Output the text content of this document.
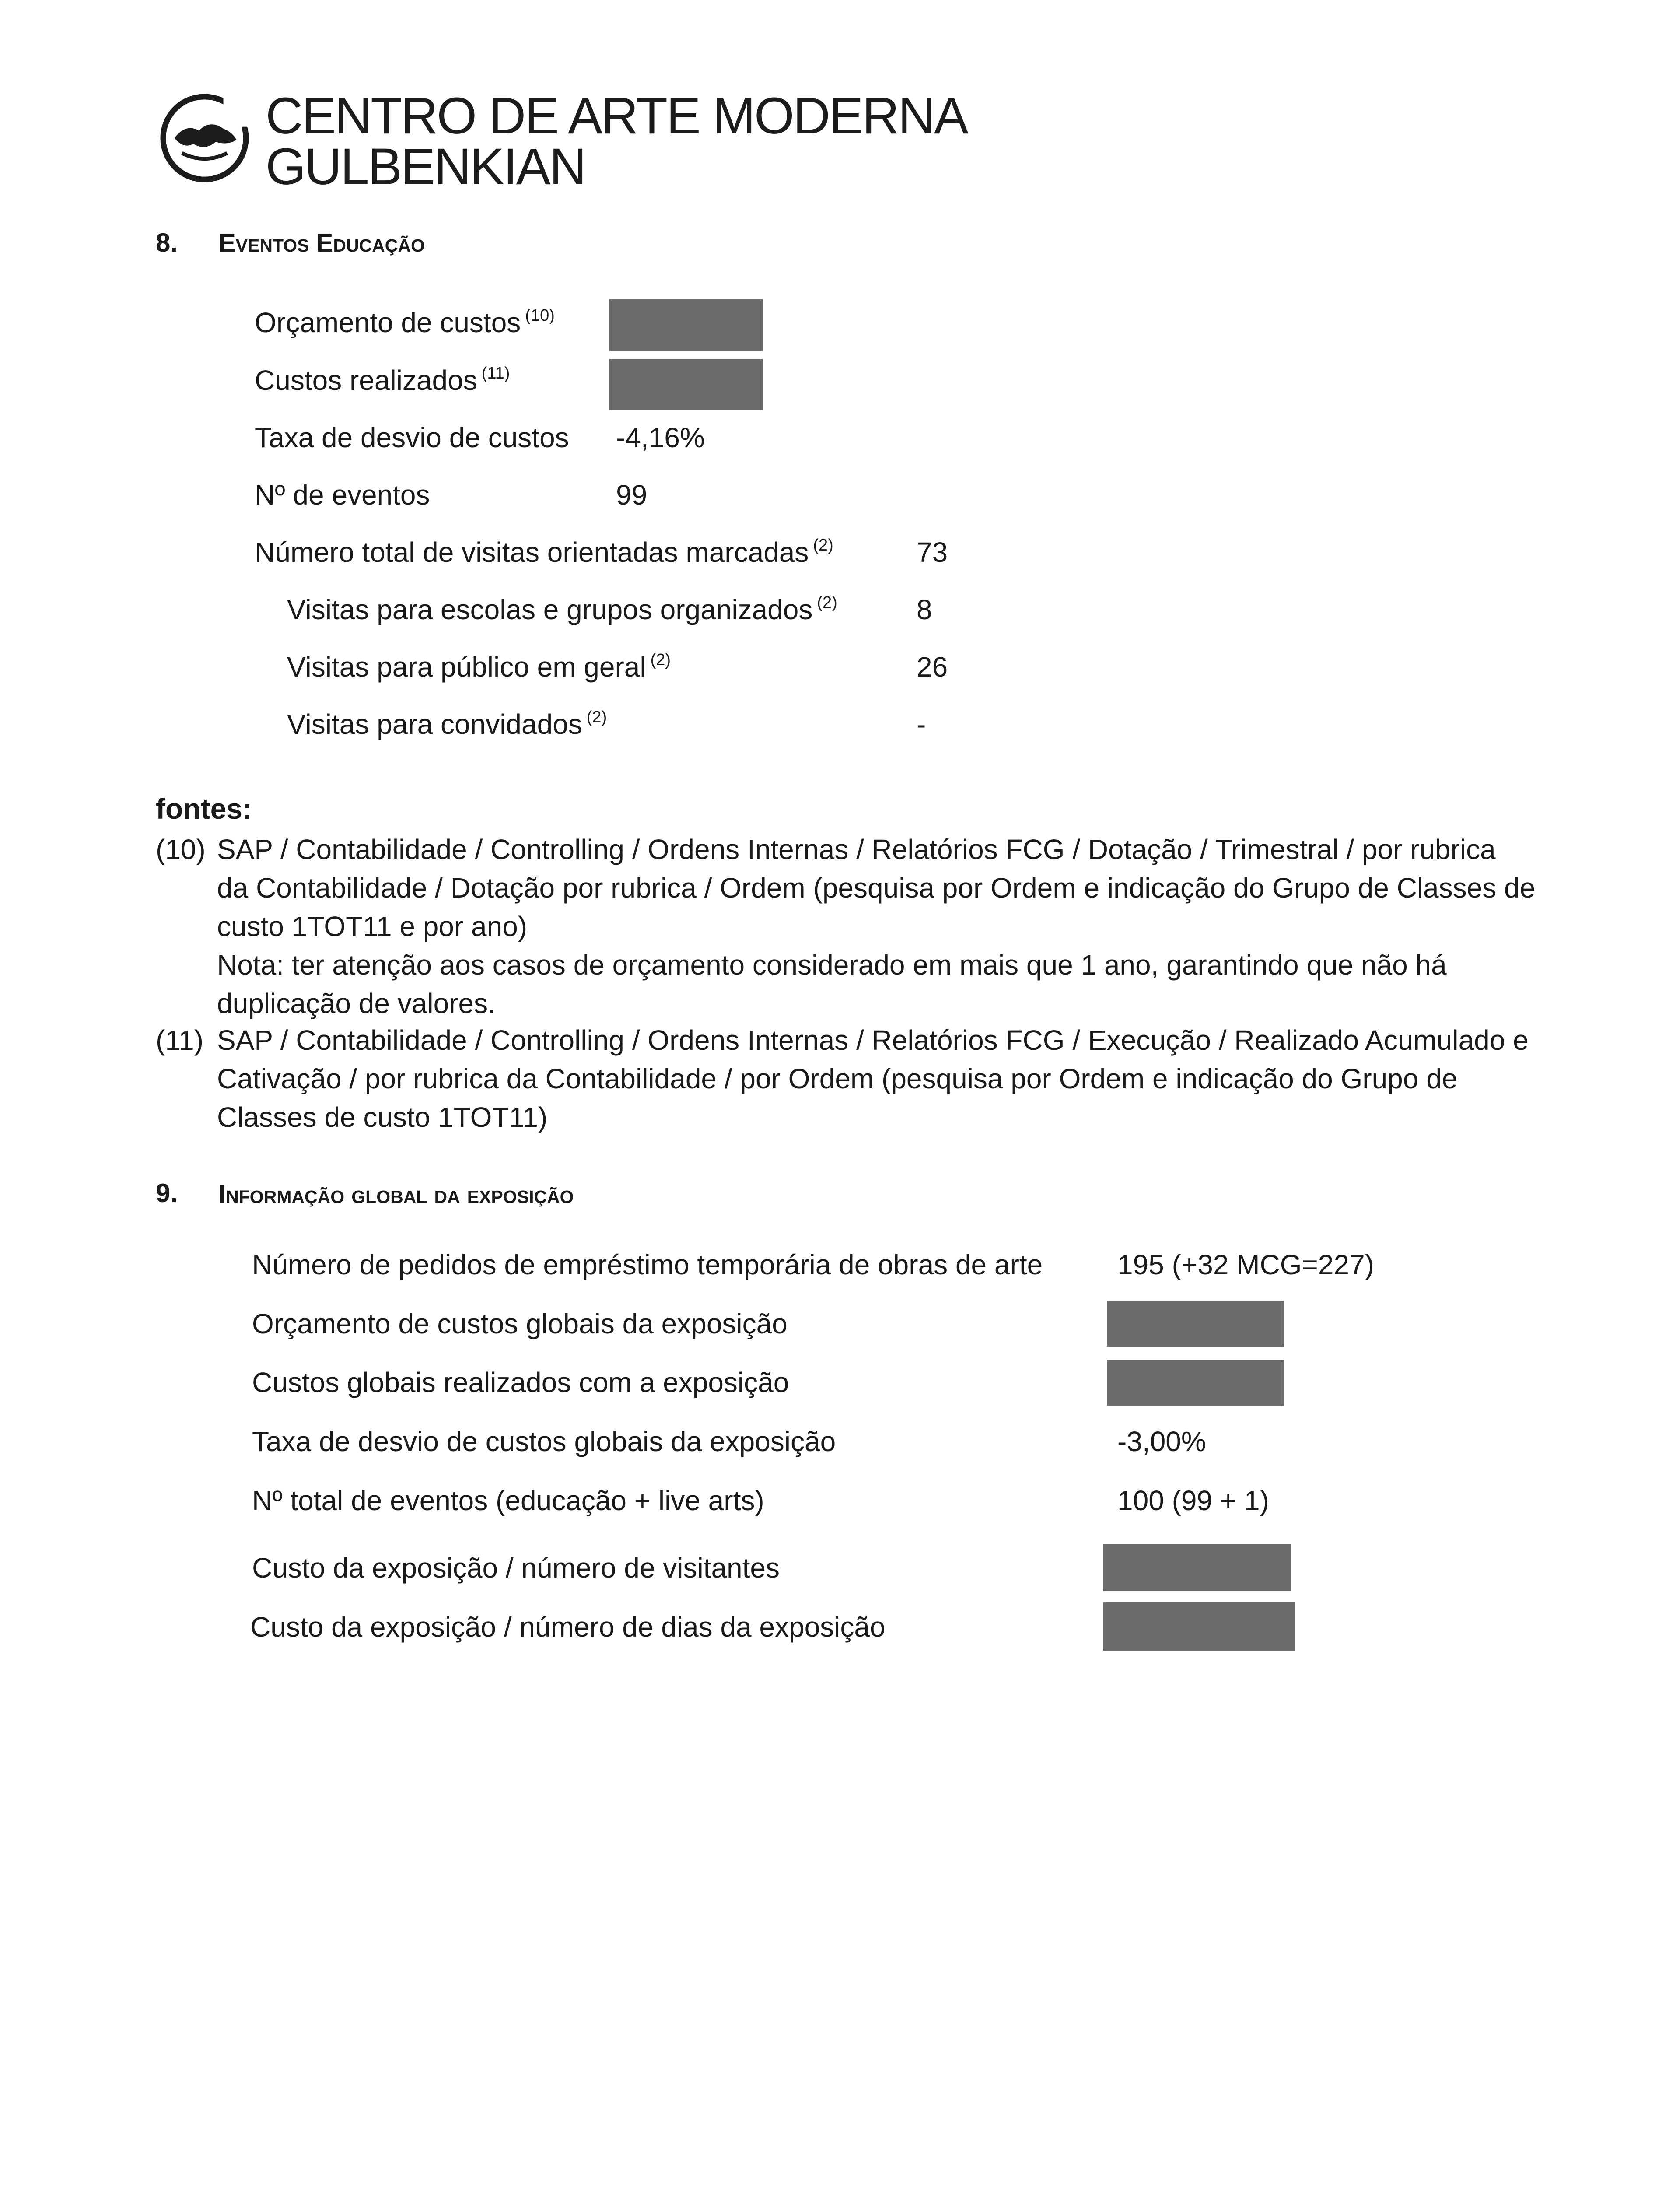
CENTRO DE ARTE MODERNA
GULBENKIAN
8. Eventos Educação
Orçamento de custos $^{(10)}$
Custos realizados $^{(11)}$
Taxa de desvio de custos -4,16%
Nº de eventos	99
Número total de visitas orientadas marcadas $^{(2)}$	73
Visitas para escolas e grupos organizados $^{(2)}$	8
Visitas para público em geral $^{(2)}$	26
Visitas para convidados $^{(2)}$	-
fontes:
(10) SAP / Contabilidade / Controlling / Ordens Internas / Relatórios FCG / Dotação / Trimestral / por rubrica
da Contabilidade / Dotação por rubrica / Ordem (pesquisa por Ordem e indicação do Grupo de Classes de
custo 1TOT11 e por ano)
Nota: ter atenção aos casos de orçamento considerado em mais que 1 ano, garantindo que não há
duplicação de valores.
(11) SAP / Contabilidade / Controlling / Ordens Internas / Relatórios FCG / Execução / Realizado Acumulado e
Cativação / por rubrica da Contabilidade / por Ordem (pesquisa por Ordem e indicação do Grupo de
Classes de custo 1TOT11)
9. Informação global da exposição
Número de pedidos de empréstimo temporária de obras de arte	195 (+32 MCG=227)
Orçamento de custos globais da exposição
Custos globais realizados com a exposição
Taxa de desvio de custos globais da exposição	-3,00%
Nº total de eventos (educação + live arts)	100 (99 + 1)
Custo da exposição / número de visitantes
Custo da exposição / número de dias da exposição
